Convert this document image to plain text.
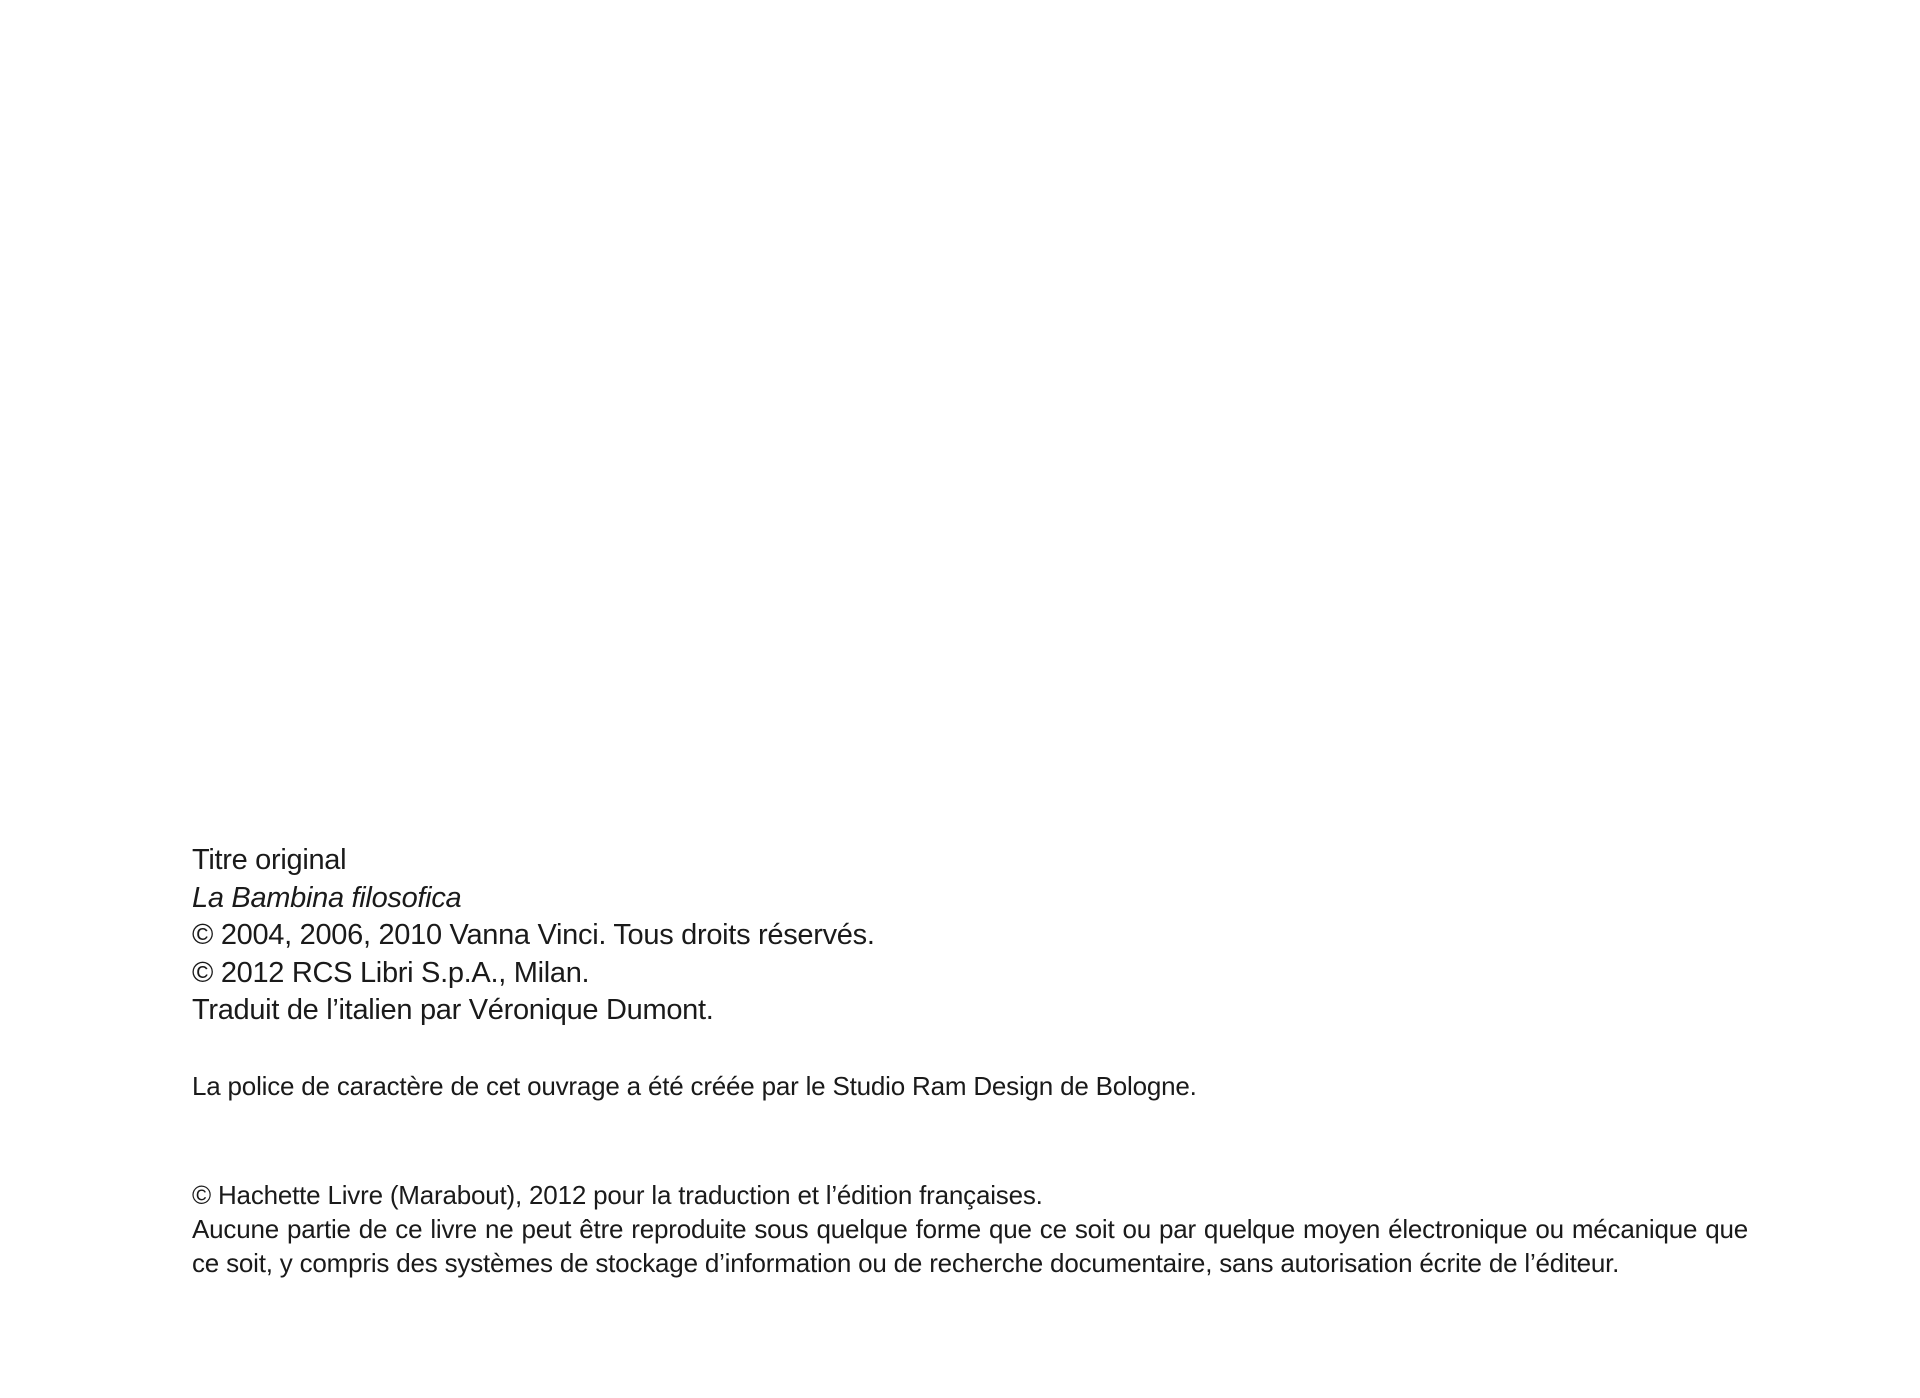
Titre original

La Bambina filosofica

© 2004, 2006, 2010 Vanna Vinci. Tous droits réservés.

© 2012 RCS Libri S.p.A., Milan.

Traduit de l’italien par Véronique Dumont.

La police de caractère de cet ouvrage a été créée par le Studio Ram Design de Bologne.

© Hachette Livre (Marabout), 2012 pour la traduction et l’édition françaises.

Aucune partie de ce livre ne peut être reproduite sous quelque forme que ce soit ou par quelque moyen électronique ou mécanique que ce soit, y compris des systèmes de stockage d’information ou de recherche documentaire, sans autorisation écrite de l’éditeur.
